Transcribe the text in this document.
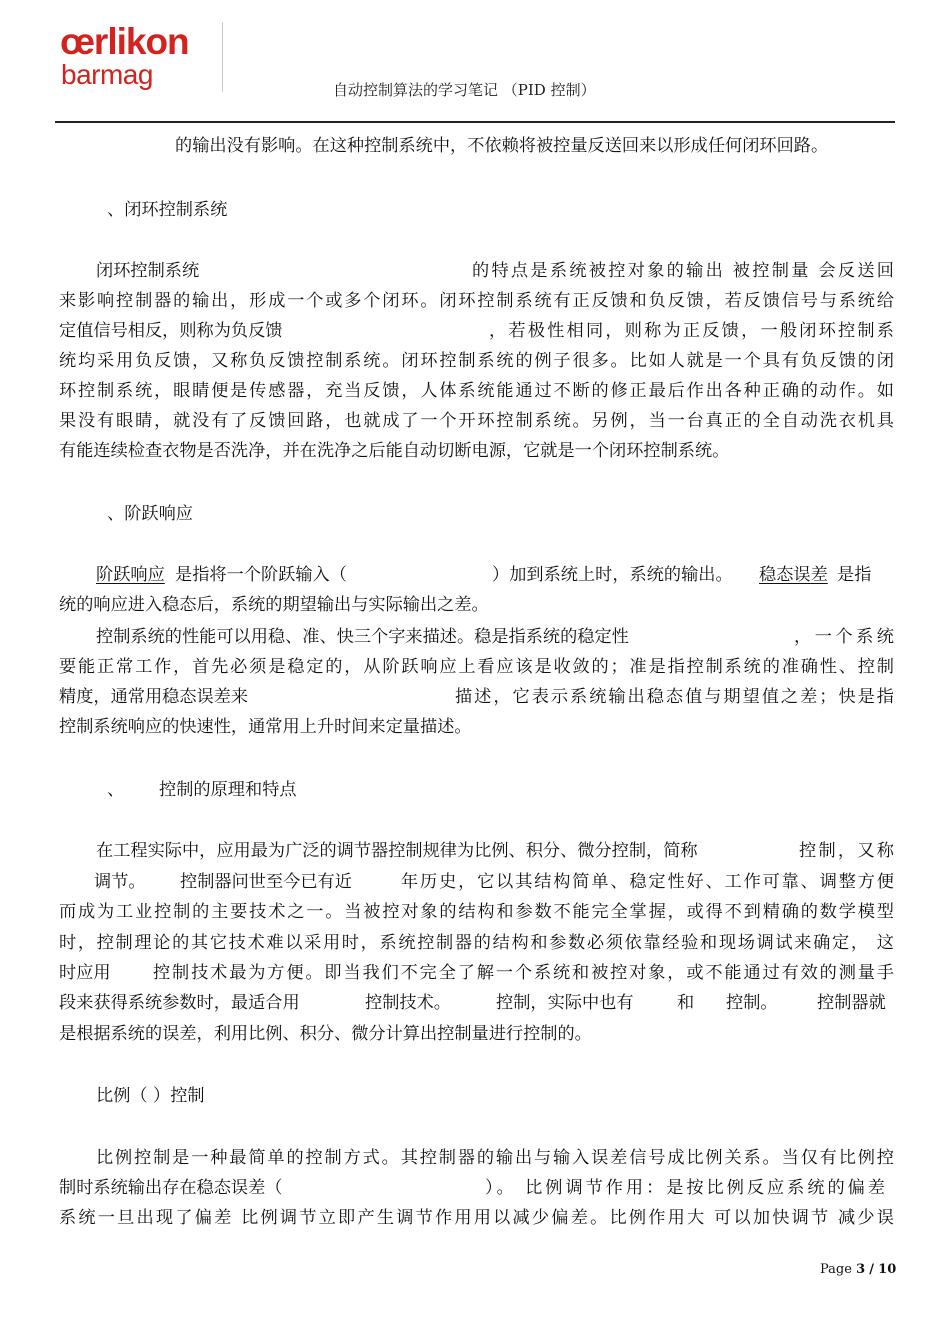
œrlikon
barmag	自动控制算法的学习笔记 （PID 控制）
的输出没有影响。在这种控制系统中，不依赖将被控量反送回来以形成任何闭环回路。
、闭环控制系统
闭环控制系统	的特点是系统被控对象的输出 被控制量 会反送回
来影响控制器的输出，形成一个或多个闭环。闭环控制系统有正反馈和负反馈，若反馈信号与系统给
定值信号相反，则称为负反馈	，若极性相同，则称为正反馈，一般闭环控制系
统均采用负反馈，又称负反馈控制系统。闭环控制系统的例子很多。比如人就是一个具有负反馈的闭
环控制系统，眼睛便是传感器，充当反馈，人体系统能通过不断的修正最后作出各种正确的动作。如
果没有眼睛，就没有了反馈回路，也就成了一个开环控制系统。另例，当一台真正的全自动洗衣机具
有能连续检查衣物是否洗净，并在洗净之后能自动切断电源，它就是一个闭环控制系统。
、阶跃响应
阶跃响应 是指将一个阶跃输入（	）加到系统上时，系统的输出。 稳态误差 是指
统的响应进入稳态后，系统的期望输出与实际输出之差。
控制系统的性能可以用稳、准、快三个字来描述。稳是指系统的稳定性	，一个系统
要能正常工作，首先必须是稳定的，从阶跃响应上看应该是收敛的；准是指控制系统的准确性、控制
精度，通常用稳态误差来	描述，它表示系统输出稳态值与期望值之差；快是指
控制系统响应的快速性，通常用上升时间来定量描述。
、 控制的原理和特点
在工程实际中，应用最为广泛的调节器控制规律为比例、积分、微分控制，简称	控制，又称
调节。 控制器问世至今已有近	年历史，它以其结构简单、稳定性好、工作可靠、调整方便
而成为工业控制的主要技术之一。当被控对象的结构和参数不能完全掌握，或得不到精确的数学模型
时，控制理论的其它技术难以采用时，系统控制器的结构和参数必须依靠经验和现场调试来确定， 这
时应用 控制技术最为方便。即当我们不完全了解一个系统和被控对象，或不能通过有效的测量手
段来获得系统参数时，最适合用	控制技术。	控制，实际中也有	和 控制。 控制器就
是根据系统的误差，利用比例、积分、微分计算出控制量进行控制的。
比例（ ）控制
比例控制是一种最简单的控制方式。其控制器的输出与输入误差信号成比例关系。当仅有比例控
制时系统输出存在稳态误差（	）。 比例调节作用：是按比例反应系统的偏差
系统一旦出现了偏差 比例调节立即产生调节作用用以减少偏差。比例作用大 可以加快调节 减少误
Page 3 / 10
